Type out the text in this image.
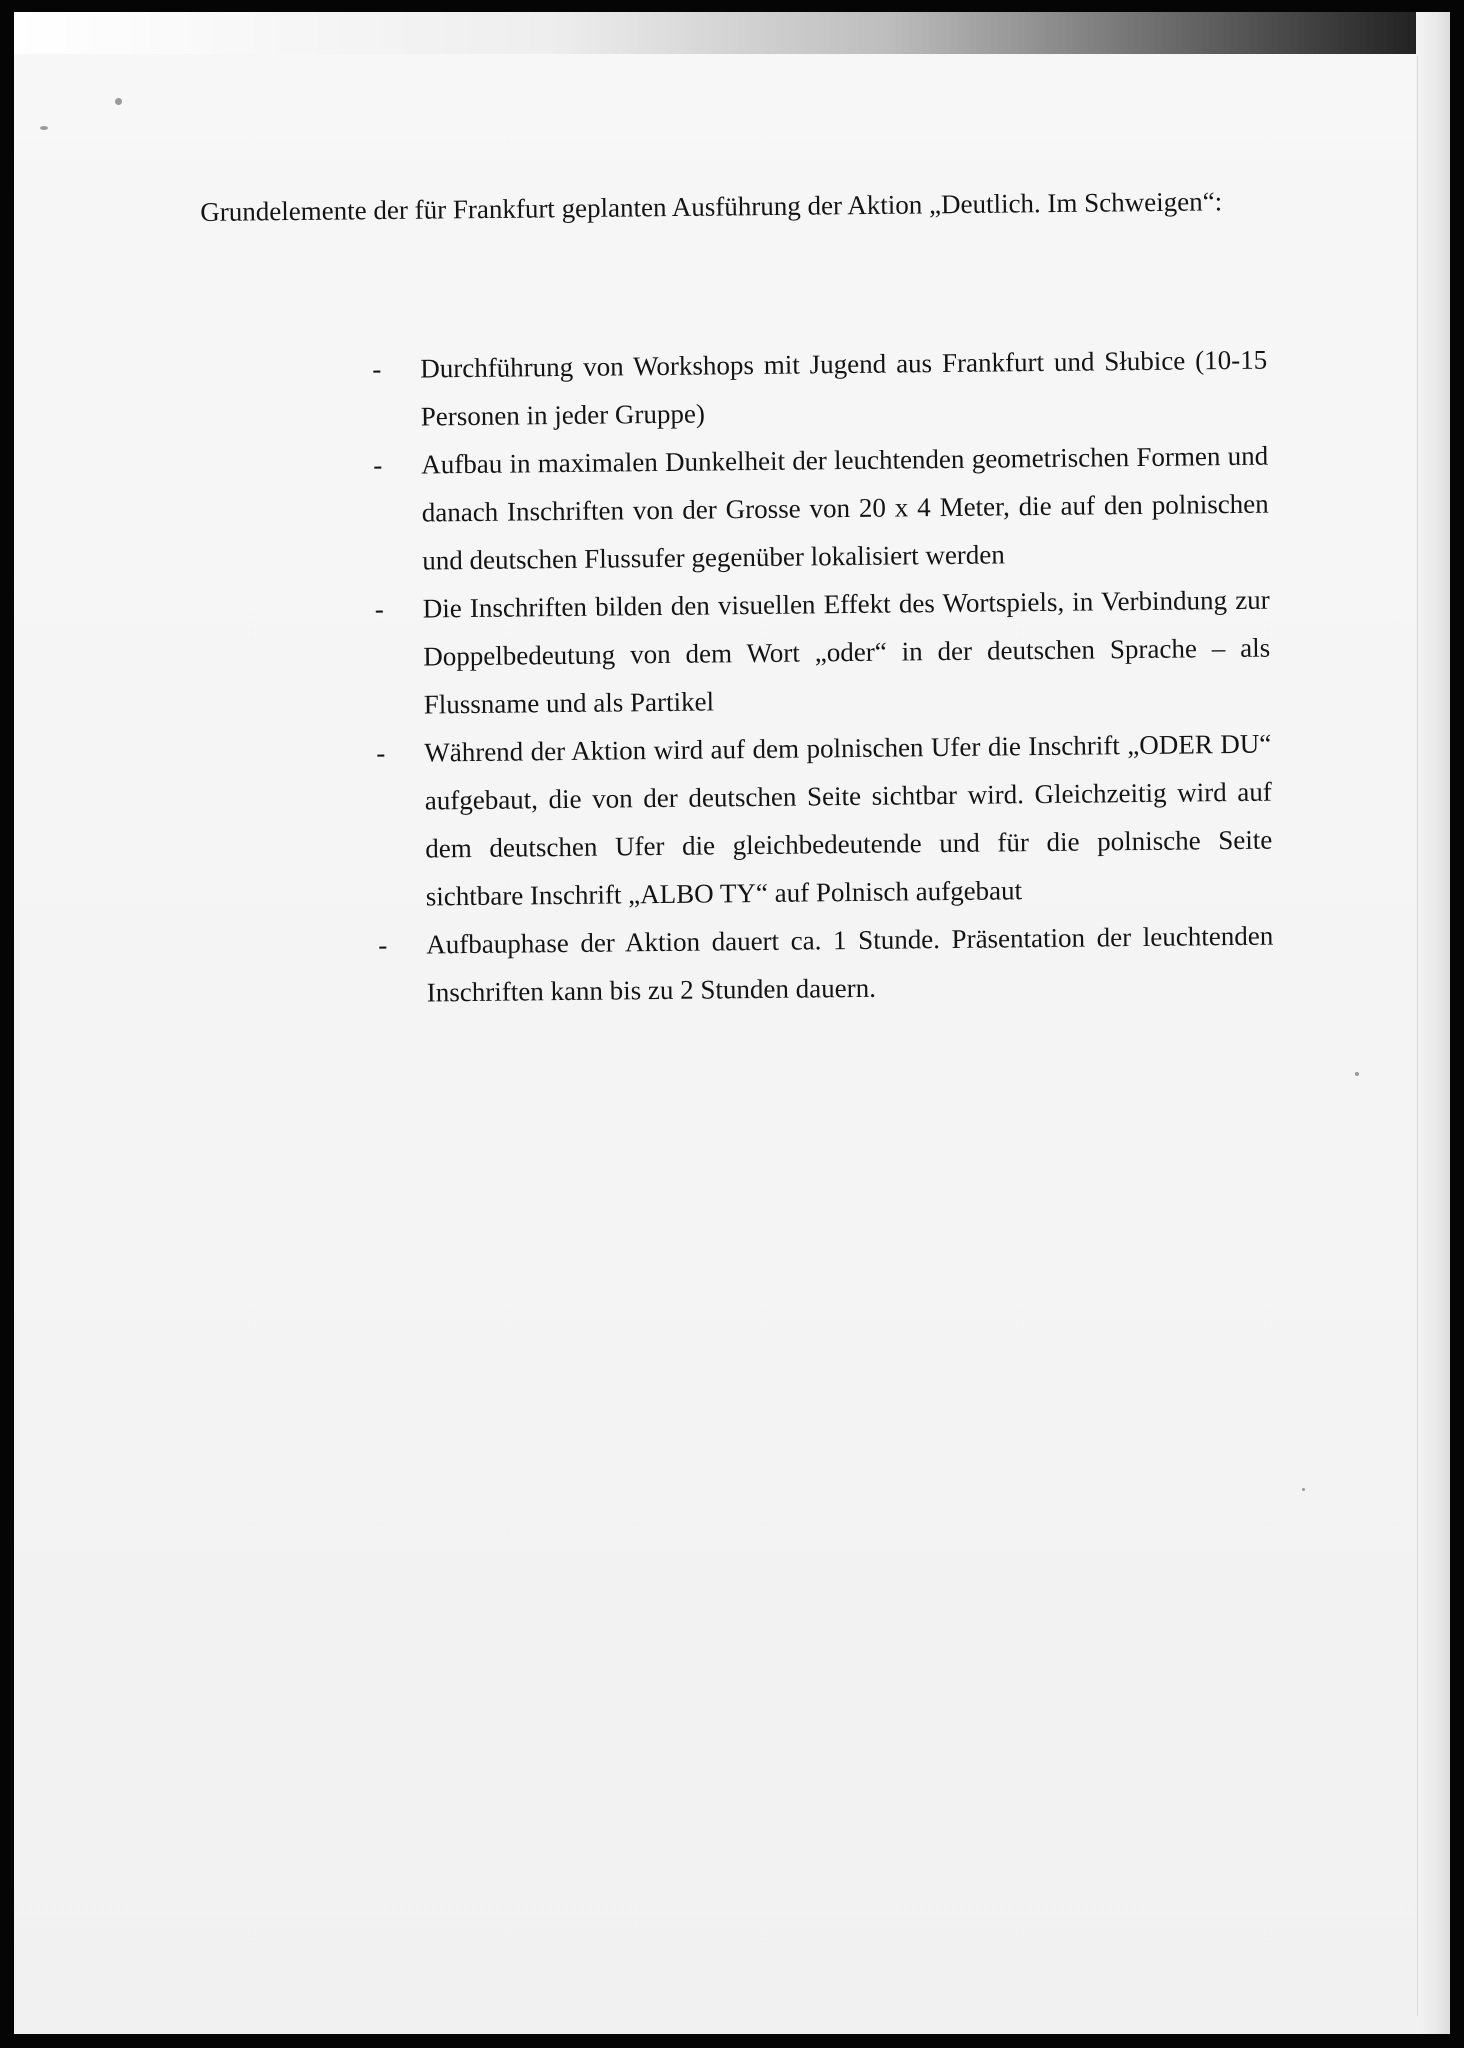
Grundelemente der für Frankfurt geplanten Ausführung der Aktion „Deutlich. Im Schweigen“:

- Durchführung von Workshops mit Jugend aus Frankfurt und Słubice (10-15 Personen in jeder Gruppe)
- Aufbau in maximalen Dunkelheit der leuchtenden geometrischen Formen und danach Inschriften von der Grosse von 20 x 4 Meter, die auf den polnischen und deutschen Flussufer gegenüber lokalisiert werden
- Die Inschriften bilden den visuellen Effekt des Wortspiels, in Verbindung zur Doppelbedeutung von dem Wort „oder“ in der deutschen Sprache – als Flussname und als Partikel
- Während der Aktion wird auf dem polnischen Ufer die Inschrift „ODER DU“ aufgebaut, die von der deutschen Seite sichtbar wird. Gleichzeitig wird auf dem deutschen Ufer die gleichbedeutende und für die polnische Seite sichtbare Inschrift „ALBO TY“ auf Polnisch aufgebaut
- Aufbauphase der Aktion dauert ca. 1 Stunde. Präsentation der leuchtenden Inschriften kann bis zu 2 Stunden dauern.
